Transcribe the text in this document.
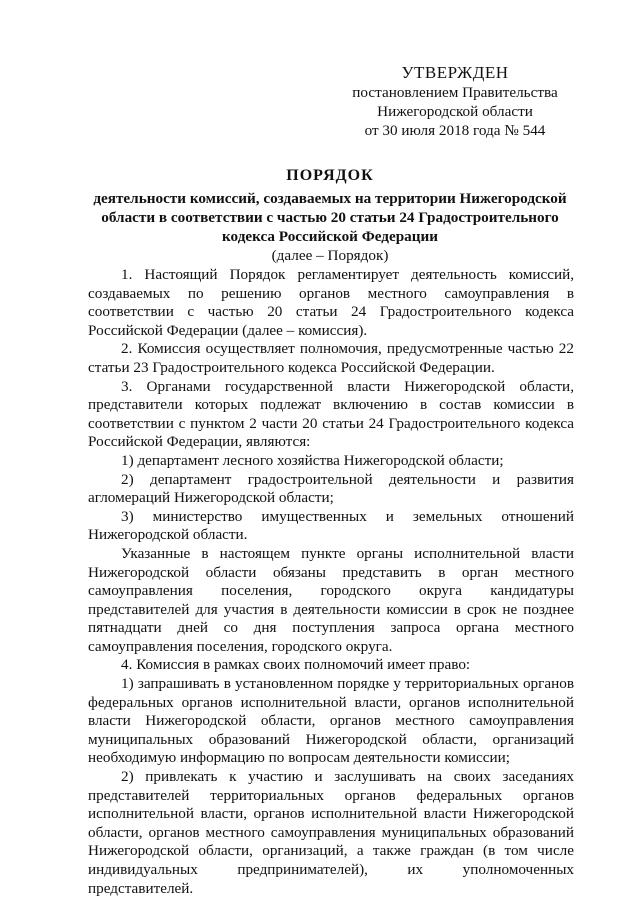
УТВЕРЖДЕН
постановлением Правительства
Нижегородской области
от 30 июля 2018 года № 544
ПОРЯДОК
деятельности комиссий, создаваемых на территории Нижегородской области в соответствии с частью 20 статьи 24 Градостроительного кодекса Российской Федерации
(далее – Порядок)

1. Настоящий Порядок регламентирует деятельность комиссий, создаваемых по решению органов местного самоуправления в соответствии с частью 20 статьи 24 Градостроительного кодекса Российской Федерации (далее – комиссия).

2. Комиссия осуществляет полномочия, предусмотренные частью 22 статьи 23 Градостроительного кодекса Российской Федерации.

3. Органами государственной власти Нижегородской области, представители которых подлежат включению в состав комиссии в соответствии с пунктом 2 части 20 статьи 24 Градостроительного кодекса Российской Федерации, являются:

1) департамент лесного хозяйства Нижегородской области;

2) департамент градостроительной деятельности и развития агломераций Нижегородской области;

3) министерство имущественных и земельных отношений Нижегородской области.

Указанные в настоящем пункте органы исполнительной власти Нижегородской области обязаны представить в орган местного самоуправления поселения, городского округа кандидатуры представителей для участия в деятельности комиссии в срок не позднее пятнадцати дней со дня поступления запроса органа местного самоуправления поселения, городского округа.

4. Комиссия в рамках своих полномочий имеет право:

1) запрашивать в установленном порядке у территориальных органов федеральных органов исполнительной власти, органов исполнительной власти Нижегородской области, органов местного самоуправления муниципальных образований Нижегородской области, организаций необходимую информацию по вопросам деятельности комиссии;

2) привлекать к участию и заслушивать на своих заседаниях представителей территориальных органов федеральных органов исполнительной власти, органов исполнительной власти Нижегородской области, органов местного самоуправления муниципальных образований Нижегородской области, организаций, а также граждан (в том числе индивидуальных предпринимателей), их уполномоченных представителей.
